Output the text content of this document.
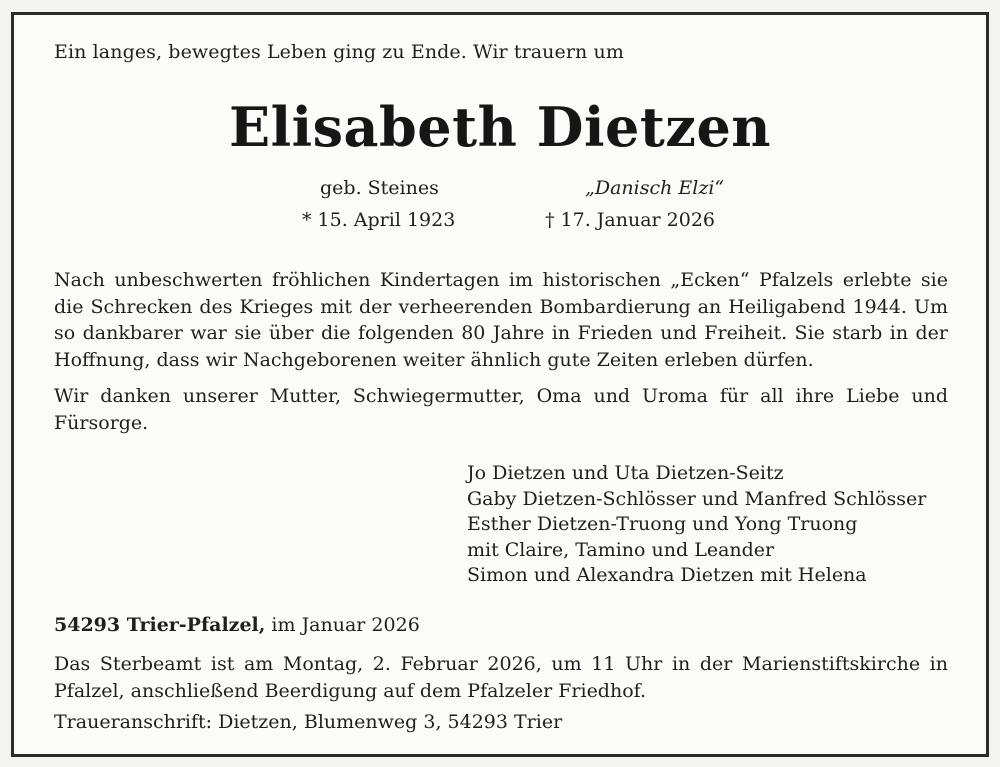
Ein langes, bewegtes Leben ging zu Ende. Wir trauern um
Elisabeth Dietzen
geb. Steines	„Danisch Elzi“
* 15. April 1923	† 17. Januar 2026
Nach unbeschwerten fröhlichen Kindertagen im historischen „Ecken“ Pfalzels erlebte sie die Schrecken des Krieges mit der verheerenden Bombardierung an Heiligabend 1944. Um so dankbarer war sie über die folgenden 80 Jahre in Frieden und Freiheit. Sie starb in der Hoffnung, dass wir Nachgeborenen weiter ähnlich gute Zeiten erleben dürfen.
Wir danken unserer Mutter, Schwiegermutter, Oma und Uroma für all ihre Liebe und Fürsorge.
Jo Dietzen und Uta Dietzen-Seitz
Gaby Dietzen-Schlösser und Manfred Schlösser
Esther Dietzen-Truong und Yong Truong
mit Claire, Tamino und Leander
Simon und Alexandra Dietzen mit Helena
54293 Trier-Pfalzel, im Januar 2026
Das Sterbeamt ist am Montag, 2. Februar 2026, um 11 Uhr in der Marienstiftskirche in Pfalzel, anschließend Beerdigung auf dem Pfalzeler Friedhof.
Traueranschrift: Dietzen, Blumenweg 3, 54293 Trier
